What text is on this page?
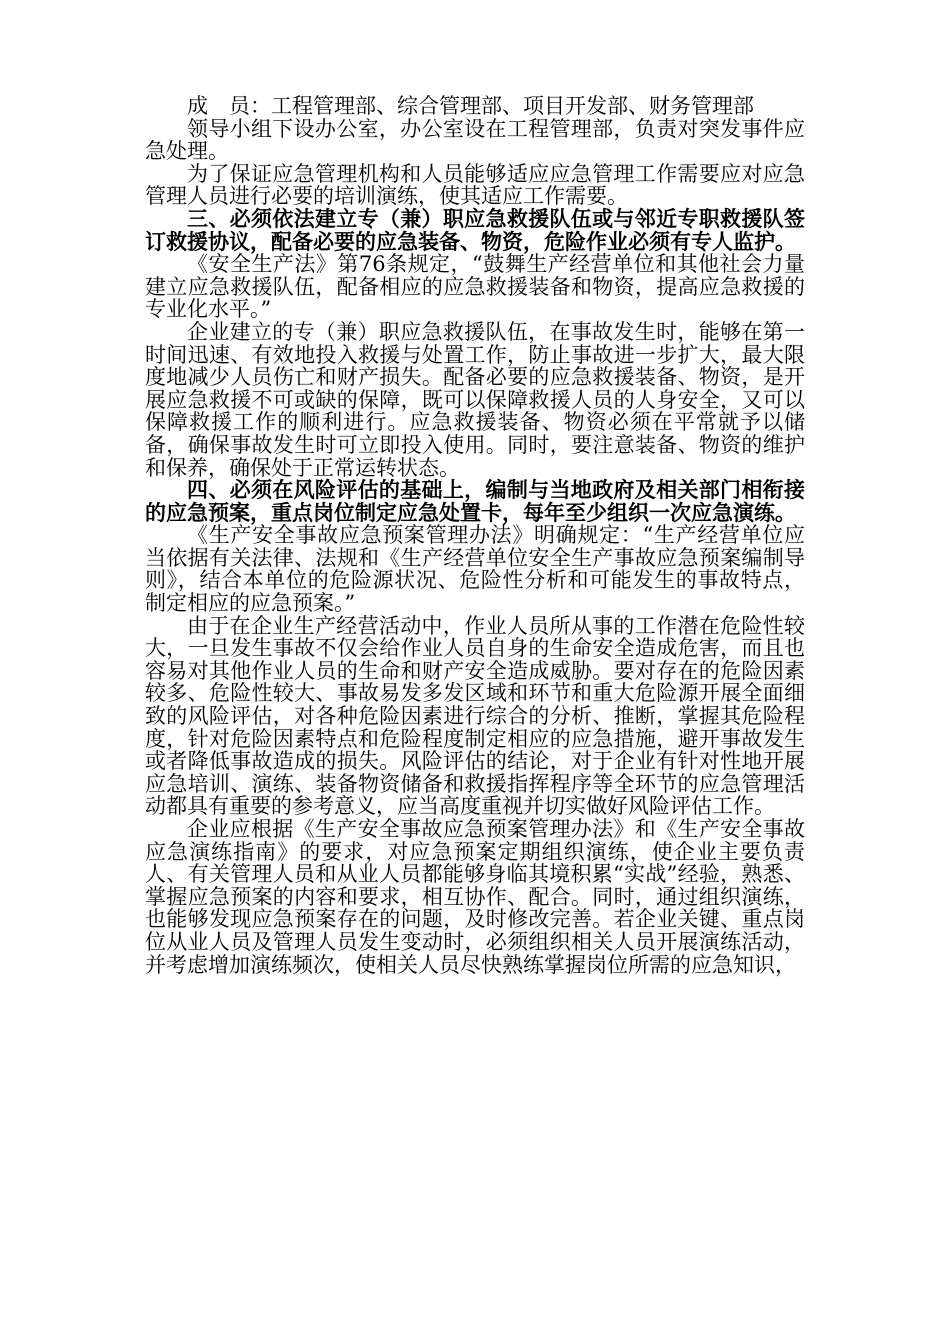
成　员：工程管理部、综合管理部、项目开发部、财务管理部

领导小组下设办公室，办公室设在工程管理部，负责对突发事件应急处理。

为了保证应急管理机构和人员能够适应应急管理工作需要应对应急管理人员进行必要的培训演练，使其适应工作需要。

三、必须依法建立专（兼）职应急救援队伍或与邻近专职救援队签订救援协议，配备必要的应急装备、物资，危险作业必须有专人监护。

《安全生产法》第76条规定，“鼓舞生产经营单位和其他社会力量建立应急救援队伍，配备相应的应急救援装备和物资，提高应急救援的专业化水平。”

企业建立的专（兼）职应急救援队伍，在事故发生时，能够在第一时间迅速、有效地投入救援与处置工作，防止事故进一步扩大，最大限度地减少人员伤亡和财产损失。配备必要的应急救援装备、物资，是开展应急救援不可或缺的保障，既可以保障救援人员的人身安全，又可以保障救援工作的顺利进行。应急救援装备、物资必须在平常就予以储备，确保事故发生时可立即投入使用。同时，要注意装备、物资的维护和保养，确保处于正常运转状态。

四、必须在风险评估的基础上，编制与当地政府及相关部门相衔接的应急预案，重点岗位制定应急处置卡，每年至少组织一次应急演练。

《生产安全事故应急预案管理办法》明确规定：“生产经营单位应当依据有关法律、法规和《生产经营单位安全生产事故应急预案编制导则》，结合本单位的危险源状况、危险性分析和可能发生的事故特点，制定相应的应急预案。”

由于在企业生产经营活动中，作业人员所从事的工作潜在危险性较大，一旦发生事故不仅会给作业人员自身的生命安全造成危害，而且也容易对其他作业人员的生命和财产安全造成威胁。要对存在的危险因素较多、危险性较大、事故易发多发区域和环节和重大危险源开展全面细致的风险评估，对各种危险因素进行综合的分析、推断，掌握其危险程度，针对危险因素特点和危险程度制定相应的应急措施，避开事故发生或者降低事故造成的损失。风险评估的结论，对于企业有针对性地开展应急培训、演练、装备物资储备和救援指挥程序等全环节的应急管理活动都具有重要的参考意义，应当高度重视并切实做好风险评估工作。

企业应根据《生产安全事故应急预案管理办法》和《生产安全事故应急演练指南》的要求，对应急预案定期组织演练，使企业主要负责人、有关管理人员和从业人员都能够身临其境积累“实战”经验，熟悉、掌握应急预案的内容和要求，相互协作、配合。同时，通过组织演练，也能够发现应急预案存在的问题，及时修改完善。若企业关键、重点岗位从业人员及管理人员发生变动时，必须组织相关人员开展演练活动，并考虑增加演练频次，使相关人员尽快熟练掌握岗位所需的应急知识，
